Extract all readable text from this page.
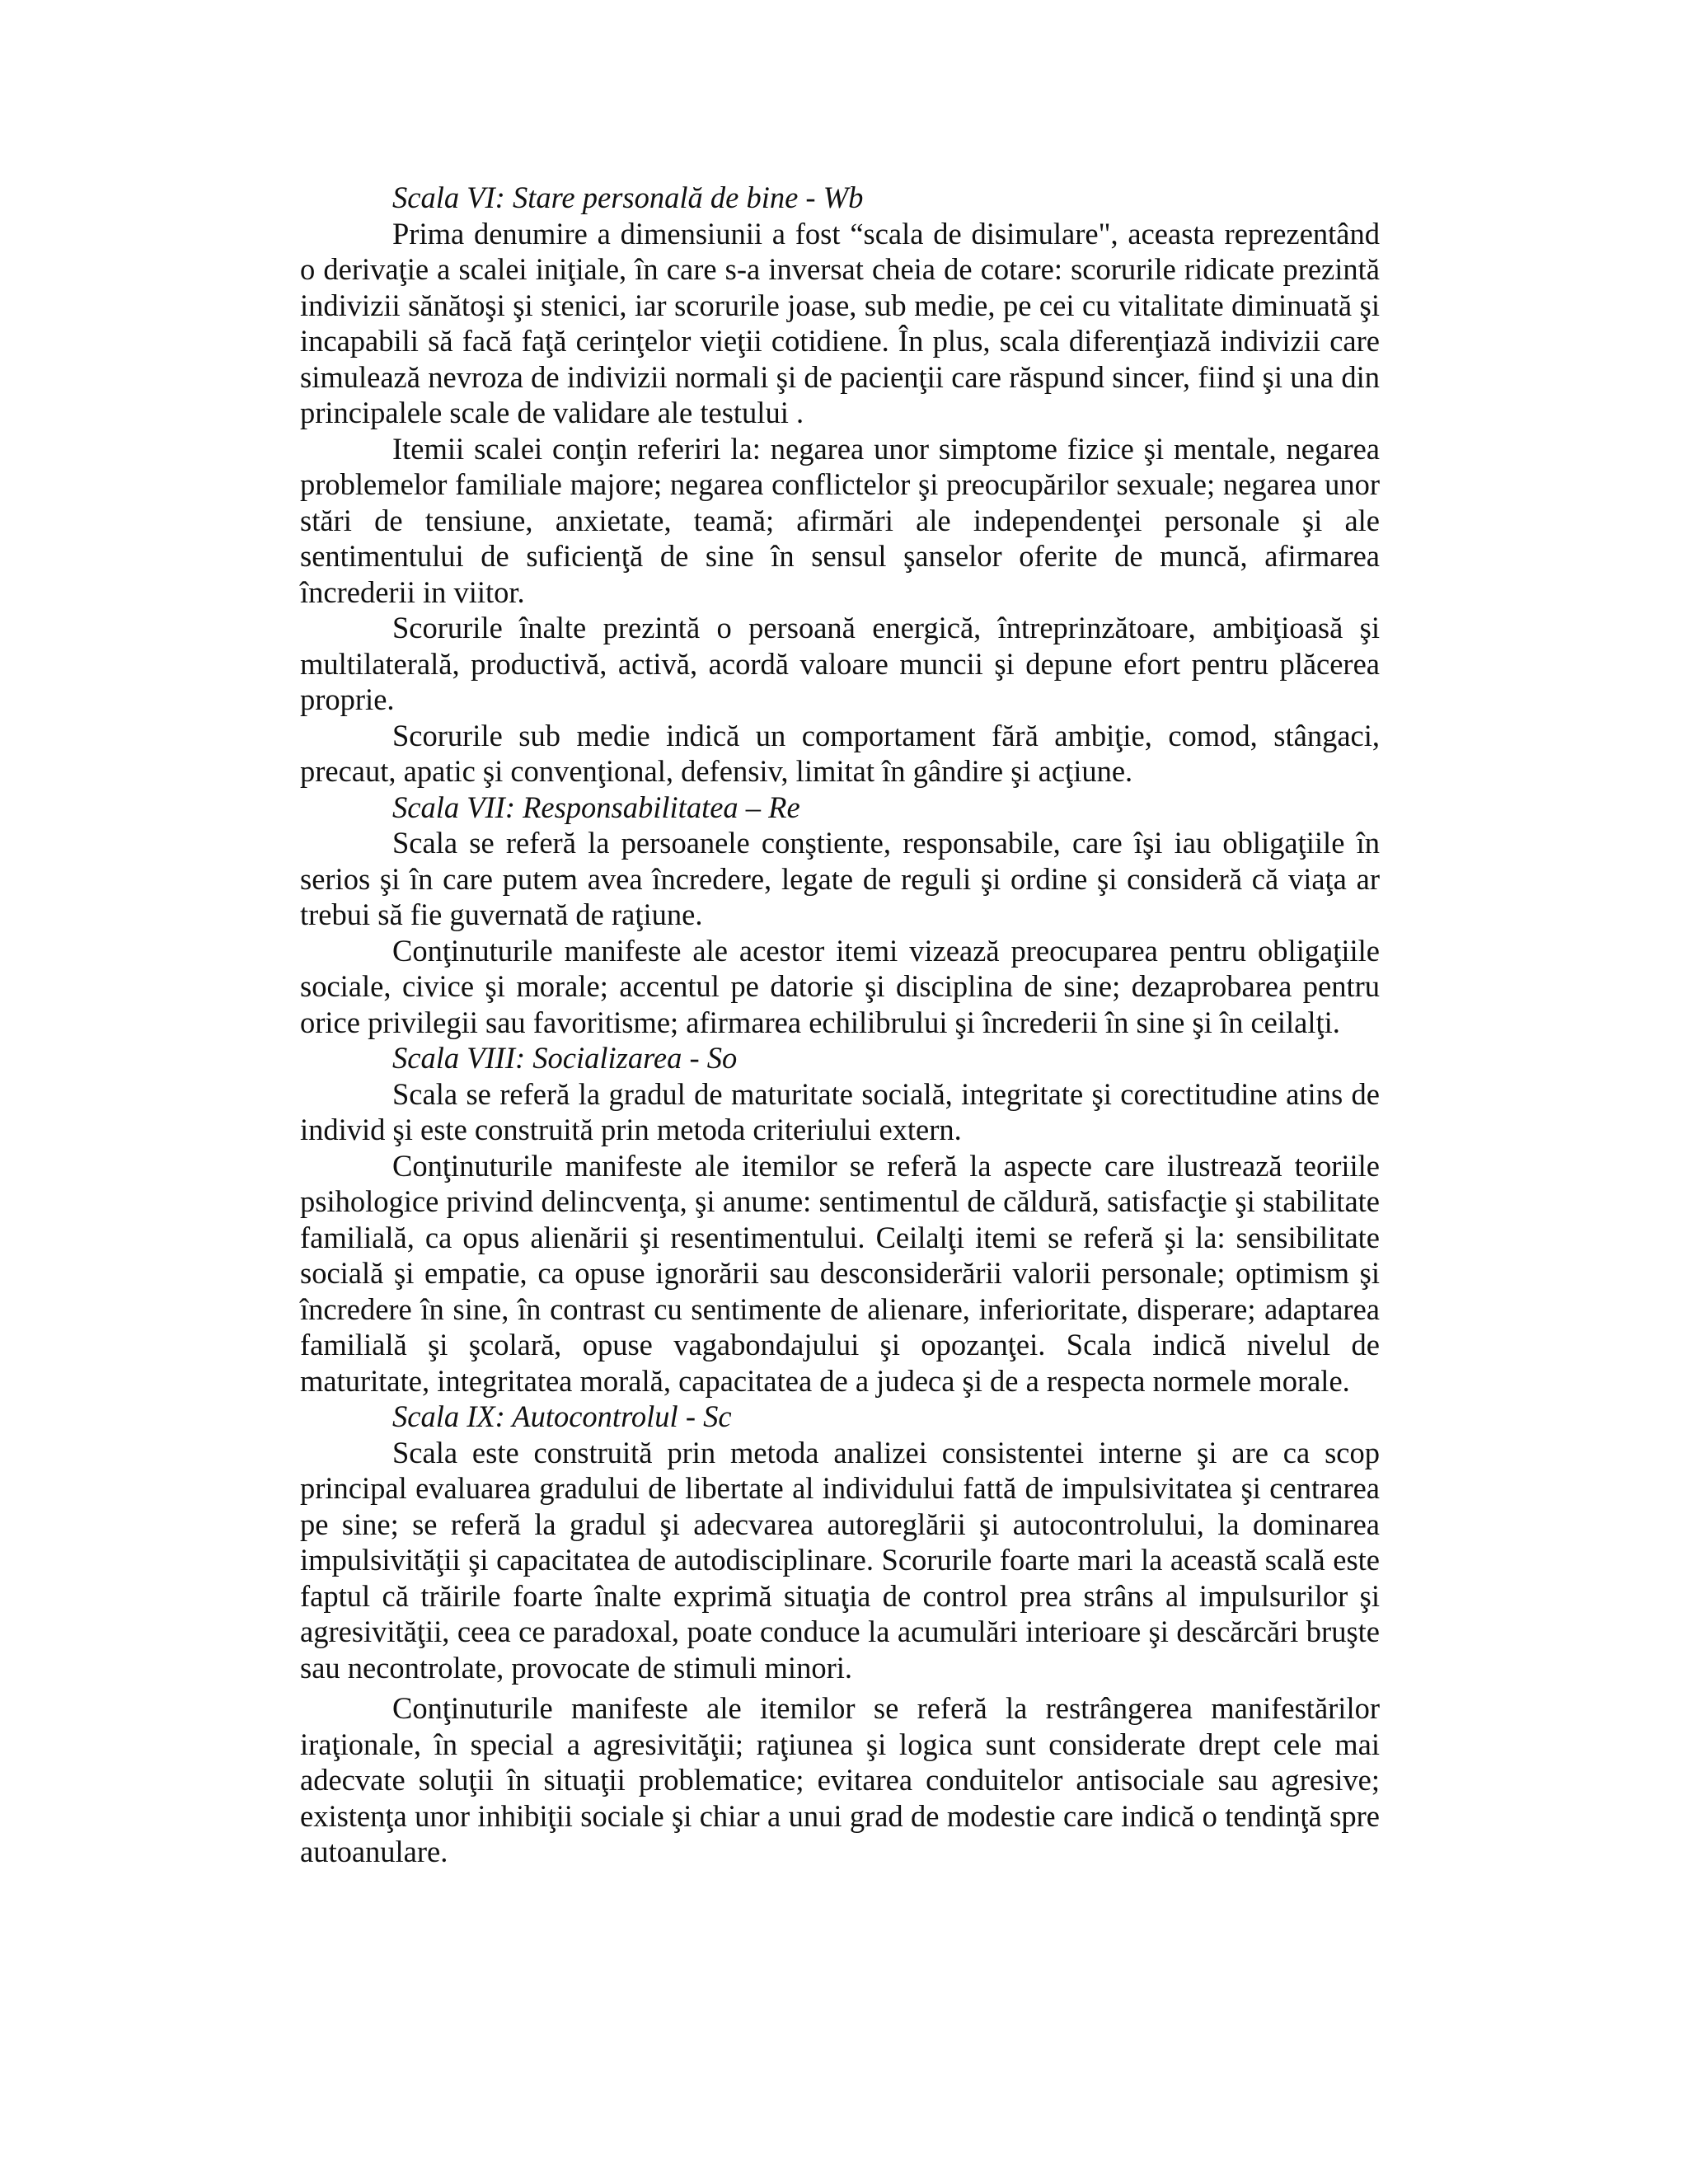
Scala VI: Stare personală de bine - Wb

Prima denumire a dimensiunii a fost “scala de disimulare", aceasta reprezentând o derivaţie a scalei iniţiale, în care s-a inversat cheia de cotare: scorurile ridicate prezintă indivizii sănătoşi şi stenici, iar scorurile joase, sub medie, pe cei cu vitalitate diminuată şi incapabili să facă faţă cerinţelor vieţii cotidiene. În plus, scala diferenţiază indivizii care simulează nevroza de indivizii normali şi de pacienţii care răspund sincer, fiind şi una din principalele scale de validare ale testului .

Itemii scalei conţin referiri la: negarea unor simptome fizice şi mentale, negarea problemelor familiale majore; negarea conflictelor şi preocupărilor sexuale; negarea unor stări de tensiune, anxietate, teamă; afirmări ale independenţei personale şi ale sentimentului de suficienţă de sine în sensul şanselor oferite de muncă, afirmarea încrederii in viitor.

Scorurile înalte prezintă o persoană energică, întreprinzătoare, ambiţioasă şi multilaterală, productivă, activă, acordă valoare muncii şi depune efort pentru plăcerea proprie.

Scorurile sub medie indică un comportament fără ambiţie, comod, stângaci, precaut, apatic şi convenţional, defensiv, limitat în gândire şi acţiune.

Scala VII: Responsabilitatea – Re

Scala se referă la persoanele conştiente, responsabile, care îşi iau obligaţiile în serios şi în care putem avea încredere, legate de reguli şi ordine şi consideră că viaţa ar trebui să fie guvernată de raţiune.

Conţinuturile manifeste ale acestor itemi vizează preocuparea pentru obligaţiile sociale, civice şi morale; accentul pe datorie şi disciplina de sine; dezaprobarea pentru orice privilegii sau favoritisme; afirmarea echilibrului şi încrederii în sine şi în ceilalţi.

Scala VIII: Socializarea - So

Scala se referă la gradul de maturitate socială, integritate şi corectitudine atins de individ şi este construită prin metoda criteriului extern.

Conţinuturile manifeste ale itemilor se referă la aspecte care ilustrează teoriile psihologice privind delincvenţa, şi anume: sentimentul de căldură, satisfacţie şi stabilitate familială, ca opus alienării şi resentimentului. Ceilalţi itemi se referă şi la: sensibilitate socială şi empatie, ca opuse ignorării sau desconsiderării valorii personale; optimism şi încredere în sine, în contrast cu sentimente de alienare, inferioritate, disperare; adaptarea familială şi şcolară, opuse vagabondajului şi opozanţei. Scala indică nivelul de maturitate, integritatea morală, capacitatea de a judeca şi de a respecta normele morale.

Scala IX: Autocontrolul - Sc

Scala este construită prin metoda analizei consistentei interne şi are ca scop principal evaluarea gradului de libertate al individului fattă de impulsivitatea şi centrarea pe sine; se referă la gradul şi adecvarea autoreglării şi autocontrolului, la dominarea impulsivităţii şi capacitatea de autodisciplinare. Scorurile foarte mari la această scală este faptul că trăirile foarte înalte exprimă situaţia de control prea strâns al impulsurilor şi agresivităţii, ceea ce paradoxal, poate conduce la acumulări interioare şi descărcări bruşte sau necontrolate, provocate de stimuli minori.

Conţinuturile manifeste ale itemilor se referă la restrângerea manifestărilor iraţionale, în special a agresivităţii; raţiunea şi logica sunt considerate drept cele mai adecvate soluţii în situaţii problematice; evitarea conduitelor antisociale sau agresive; existenţa unor inhibiţii sociale şi chiar a unui grad de modestie care indică o tendinţă spre autoanulare.
